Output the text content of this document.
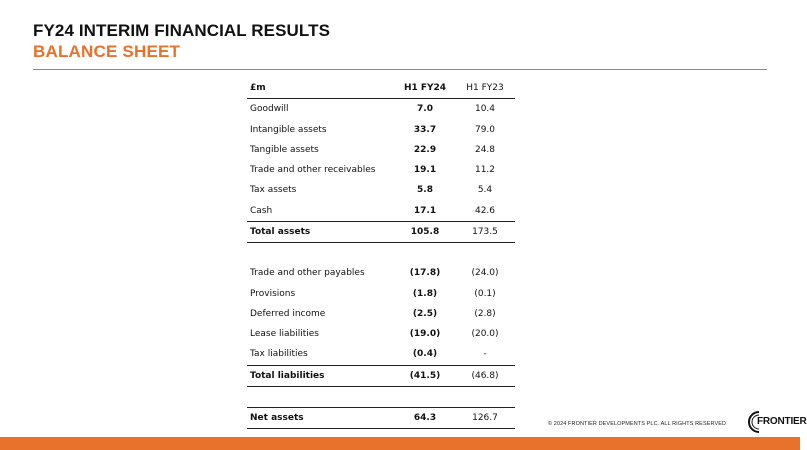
FY24 INTERIM FINANCIAL RESULTS
BALANCE SHEET
£m	H1 FY24	H1 FY23
Goodwill	7.0	10.4
Intangible assets	33.7	79.0
Tangible assets	22.9	24.8
Trade and other receivables	19.1	11.2
Tax assets	5.8	5.4
Cash	17.1	42.6
Total assets	105.8	173.5
Trade and other payables	(17.8)	(24.0)
Provisions	(1.8)	(0.1)
Deferred income	(2.5)	(2.8)
Lease liabilities	(19.0)	(20.0)
Tax liabilities	(0.4)	-
Total liabilities	(41.5)	(46.8)
Net assets	64.3	126.7
© 2024 FRONTIER DEVELOPMENTS PLC. ALL RIGHTS RESERVED	FRONTIER
